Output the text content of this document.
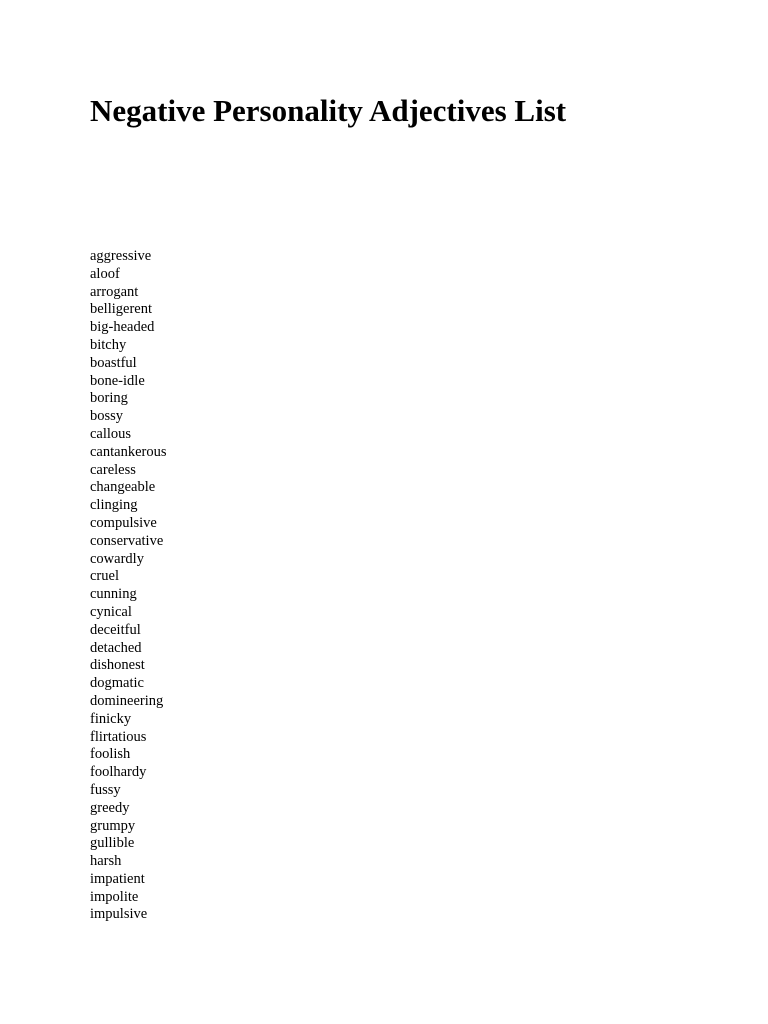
Negative Personality Adjectives List
aggressive
aloof
arrogant
belligerent
big-headed
bitchy
boastful
bone-idle
boring
bossy
callous
cantankerous
careless
changeable
clinging
compulsive
conservative
cowardly
cruel
cunning
cynical
deceitful
detached
dishonest
dogmatic
domineering
finicky
flirtatious
foolish
foolhardy
fussy
greedy
grumpy
gullible
harsh
impatient
impolite
impulsive
